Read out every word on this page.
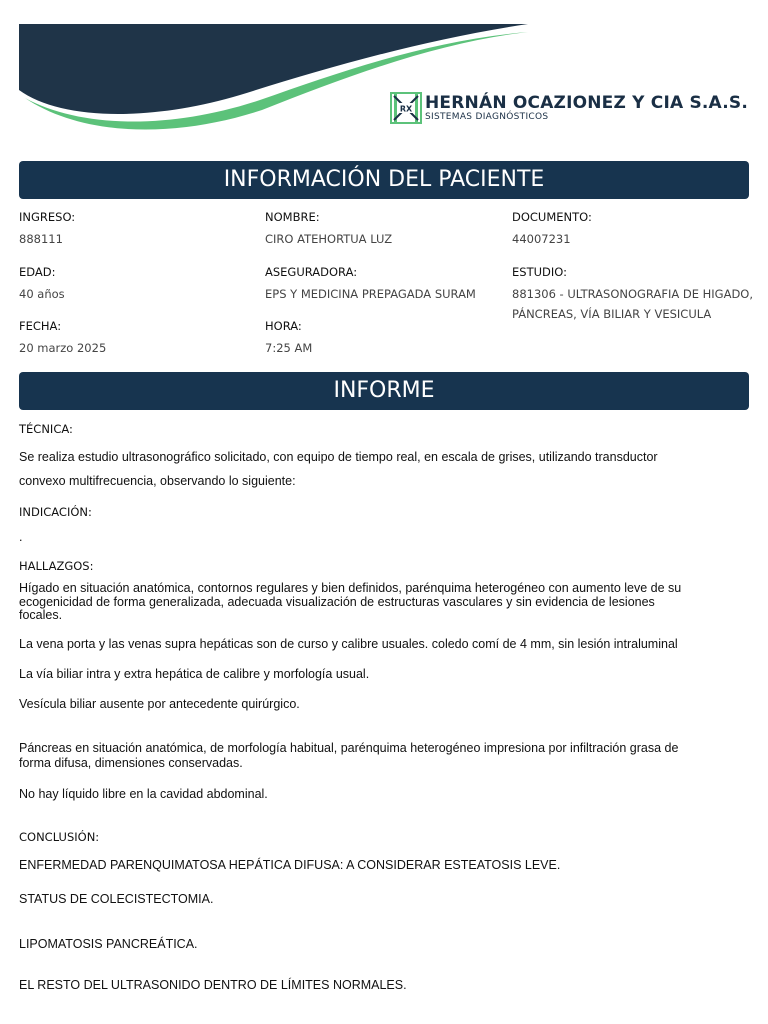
RX HERNÁN OCAZIONEZ Y CIA S.A.S.
SISTEMAS DIAGNÓSTICOS
INFORMACIÓN DEL PACIENTE
INGRESO:
888111
NOMBRE:
CIRO ATEHORTUA LUZ
DOCUMENTO:
44007231
EDAD:
40 años
ASEGURADORA:
EPS Y MEDICINA PREPAGADA SURAM
ESTUDIO:
881306 - ULTRASONOGRAFIA DE HIGADO,
PÁNCREAS, VÍA BILIAR Y VESICULA
FECHA:
20 marzo 2025
HORA:
7:25 AM
INFORME
TÉCNICA:
Se realiza estudio ultrasonográfico solicitado, con equipo de tiempo real, en escala de grises, utilizando transductor
convexo multifrecuencia, observando lo siguiente:
INDICACIÓN:
.
HALLAZGOS:
Hígado en situación anatómica, contornos regulares y bien definidos, parénquima heterogéneo con aumento leve de su
ecogenicidad de forma generalizada, adecuada visualización de estructuras vasculares y sin evidencia de lesiones
focales.
La vena porta y las venas supra hepáticas son de curso y calibre usuales. coledo comí de 4 mm, sin lesión intraluminal
La vía biliar intra y extra hepática de calibre y morfología usual.
Vesícula biliar ausente por antecedente quirúrgico.
Páncreas en situación anatómica, de morfología habitual, parénquima heterogéneo impresiona por infiltración grasa de
forma difusa, dimensiones conservadas.
No hay líquido libre en la cavidad abdominal.
CONCLUSIÓN:
ENFERMEDAD PARENQUIMATOSA HEPÁTICA DIFUSA: A CONSIDERAR ESTEATOSIS LEVE.
STATUS DE COLECISTECTOMIA.
LIPOMATOSIS PANCREÁTICA.
EL RESTO DEL ULTRASONIDO DENTRO DE LÍMITES NORMALES.
